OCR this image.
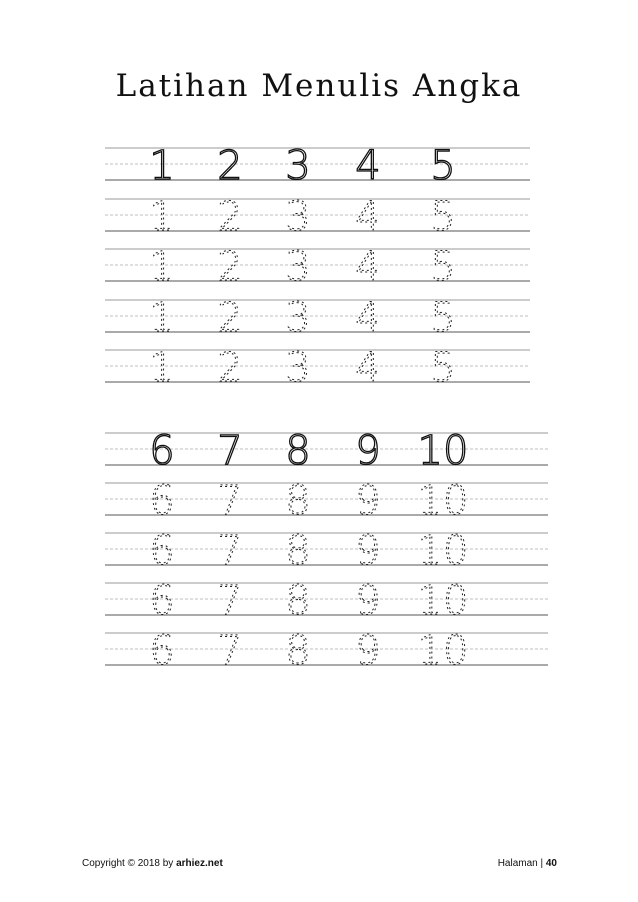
Latihan Menulis Angka
1 2 3 4 5
1 2 3 4 5
1 2 3 4 5
1 2 3 4 5
1 2 3 4 5
6 7 8 9 10
6 7 8 9 10
6 7 8 9 10
6 7 8 9 10
6 7 8 9 10
Copyright © 2018 by arhiez.net	Halaman | 40
